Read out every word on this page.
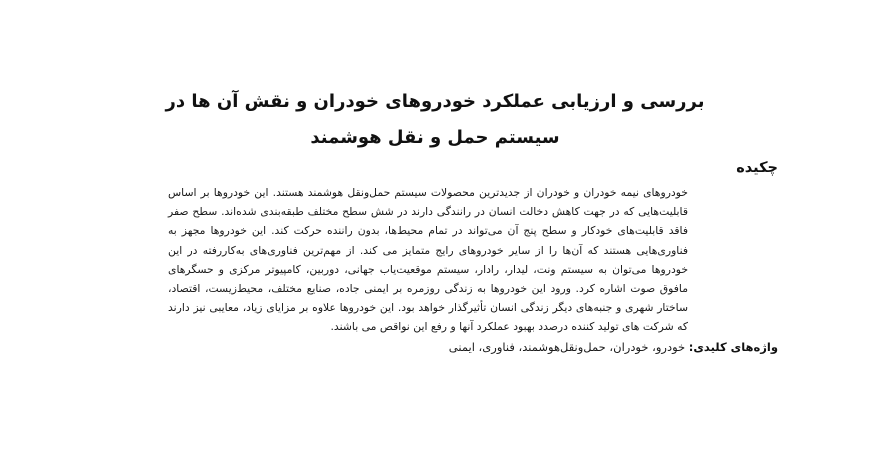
بررسی و ارزیابی عملکرد خودروهای خودران و نقش آن ها در سیستم حمل و نقل هوشمند
چکیده

خودروهای نیمه خودران و خودران از جدیدترین محصولات سیستم حمل‌ونقل هوشمند هستند. این خودروها بر اساس قابلیت‌هایی که در جهت کاهش دخالت انسان در رانندگی دارند در شش سطح مختلف طبقه‌بندی شده‌اند. سطح صفر فاقد قابلیت‌های خودکار و سطح پنج آن می‌تواند در تمام محیط‌ها، بدون راننده حرکت کند. این خودروها مجهز به فناوری‌هایی هستند که آن‌ها را از سایر خودروهای رایج متمایز می کند. از مهم‌ترین فناوری‌های به‌کاررفته در این خودروها می‌توان به سیستم ونت، لیدار، رادار، سیستم موقعیت‌یاب جهانی، دوربین، کامپیوتر مرکزی و حسگرهای مافوق صوت اشاره کرد. ورود این خودروها به زندگی روزمره بر ایمنی جاده، صنایع مختلف، محیط‌زیست، اقتصاد، ساختار شهری و جنبه‌های دیگر زندگی انسان تأثیرگذار خواهد بود. این خودروها علاوه بر مزایای زیاد، معایبی نیز دارند که شرکت های تولید کننده درصدد بهبود عملکرد آنها و رفع این نواقص می باشند.

واژه‌های کلیدی: خودرو، خودران، حمل‌ونقل‌هوشمند، فناوری، ایمنی
